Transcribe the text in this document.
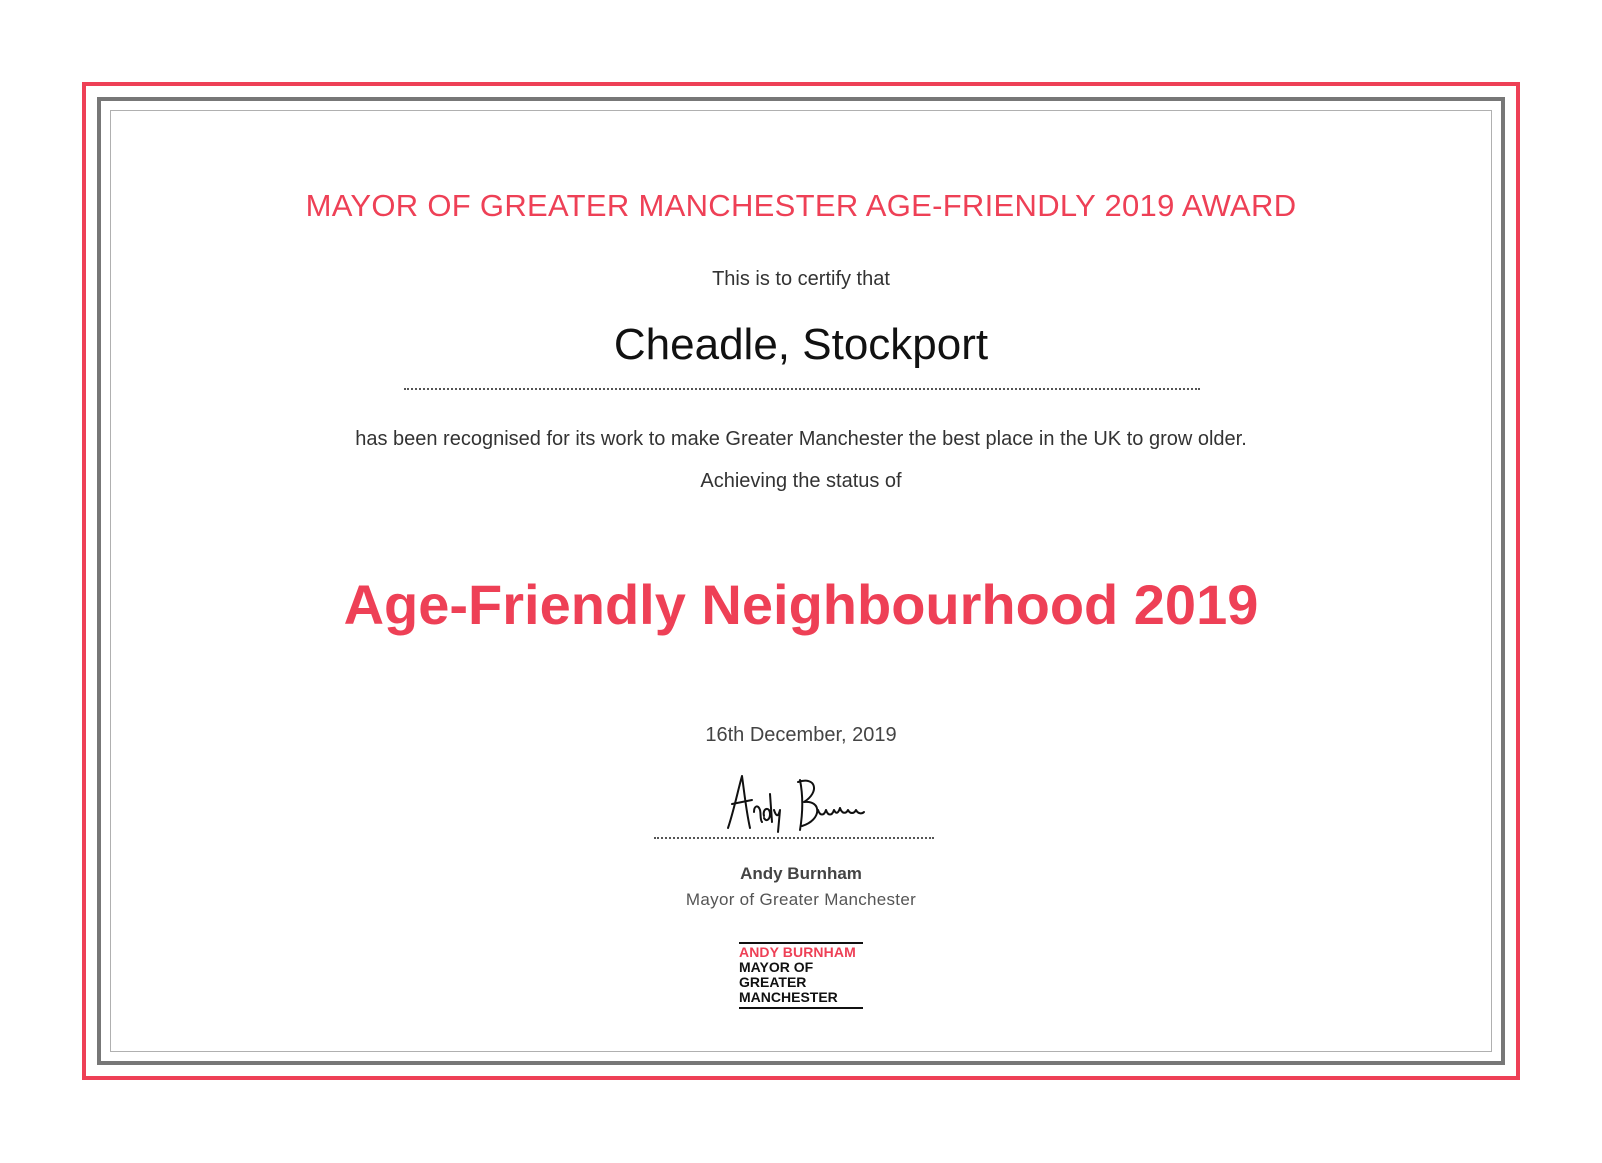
MAYOR OF GREATER MANCHESTER AGE-FRIENDLY 2019 AWARD
This is to certify that
Cheadle, Stockport
has been recognised for its work to make Greater Manchester the best place in the UK to grow older.
Achieving the status of
Age-Friendly Neighbourhood 2019
16th December, 2019
Andy Burnham
Mayor of Greater Manchester
ANDY BURNHAM
MAYOR OF
GREATER
MANCHESTER
